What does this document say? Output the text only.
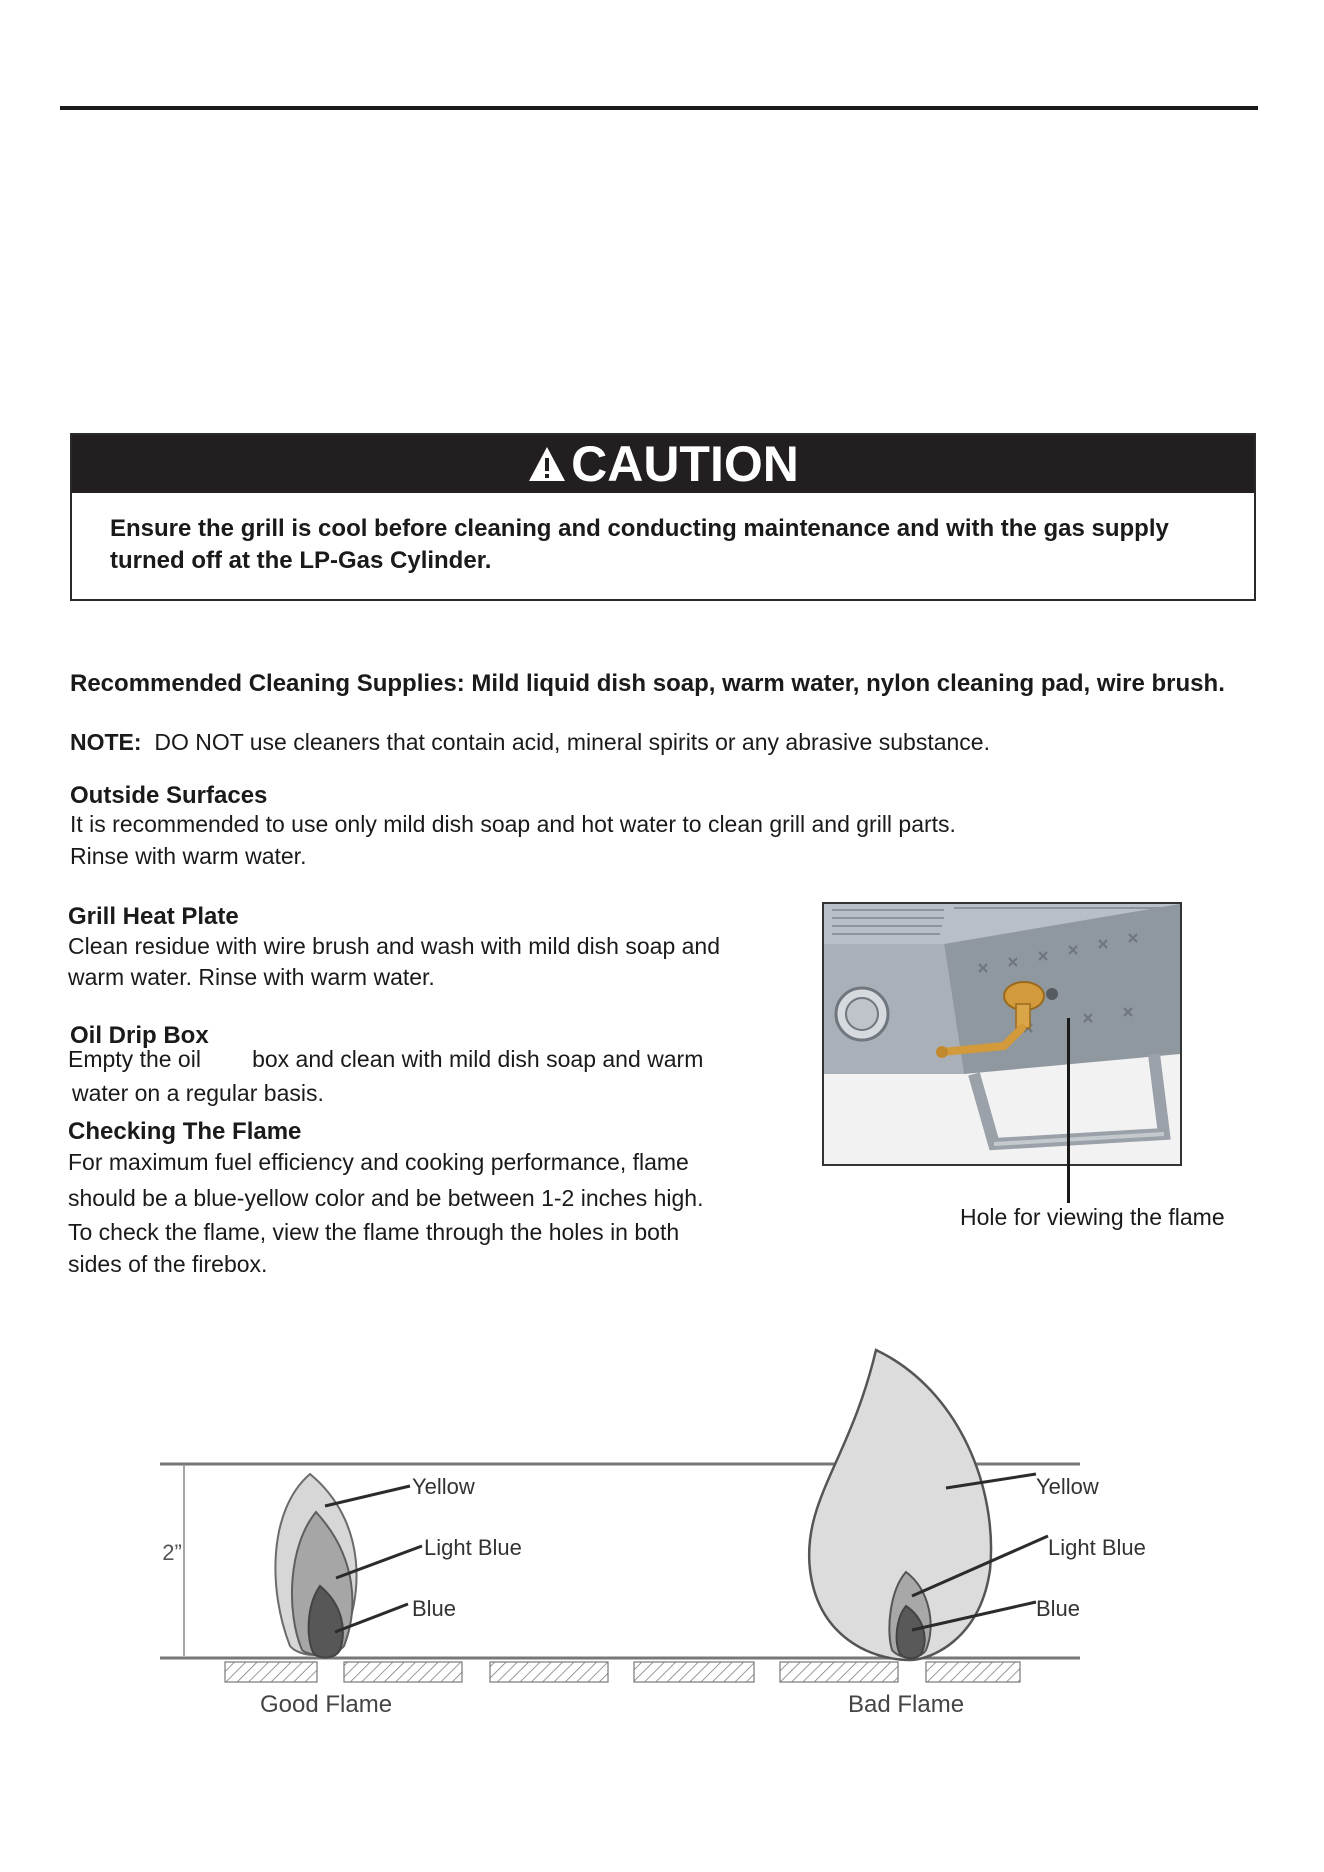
CAUTION
Ensure the grill is cool before cleaning and conducting maintenance and with the gas supply
turned off at the LP-Gas Cylinder.
Recommended Cleaning Supplies: Mild liquid dish soap, warm water, nylon cleaning pad, wire brush.
NOTE: DO NOT use cleaners that contain acid, mineral spirits or any abrasive substance.
Outside Surfaces
It is recommended to use only mild dish soap and hot water to clean grill and grill parts.
Rinse with warm water.
Grill Heat Plate
Clean residue with wire brush and wash with mild dish soap and
warm water. Rinse with warm water.
Oil Drip Box
Empty the oil        box and clean with mild dish soap and warm
water on a regular basis.
Checking The Flame
For maximum fuel efficiency and cooking performance, flame
should be a blue-yellow color and be between 1-2 inches high.
To check the flame, view the flame through the holes in both
sides of the firebox.
Hole for viewing the flame
2”
Yellow
Light Blue
Blue
Good Flame
Yellow
Light Blue
Blue
Bad Flame
